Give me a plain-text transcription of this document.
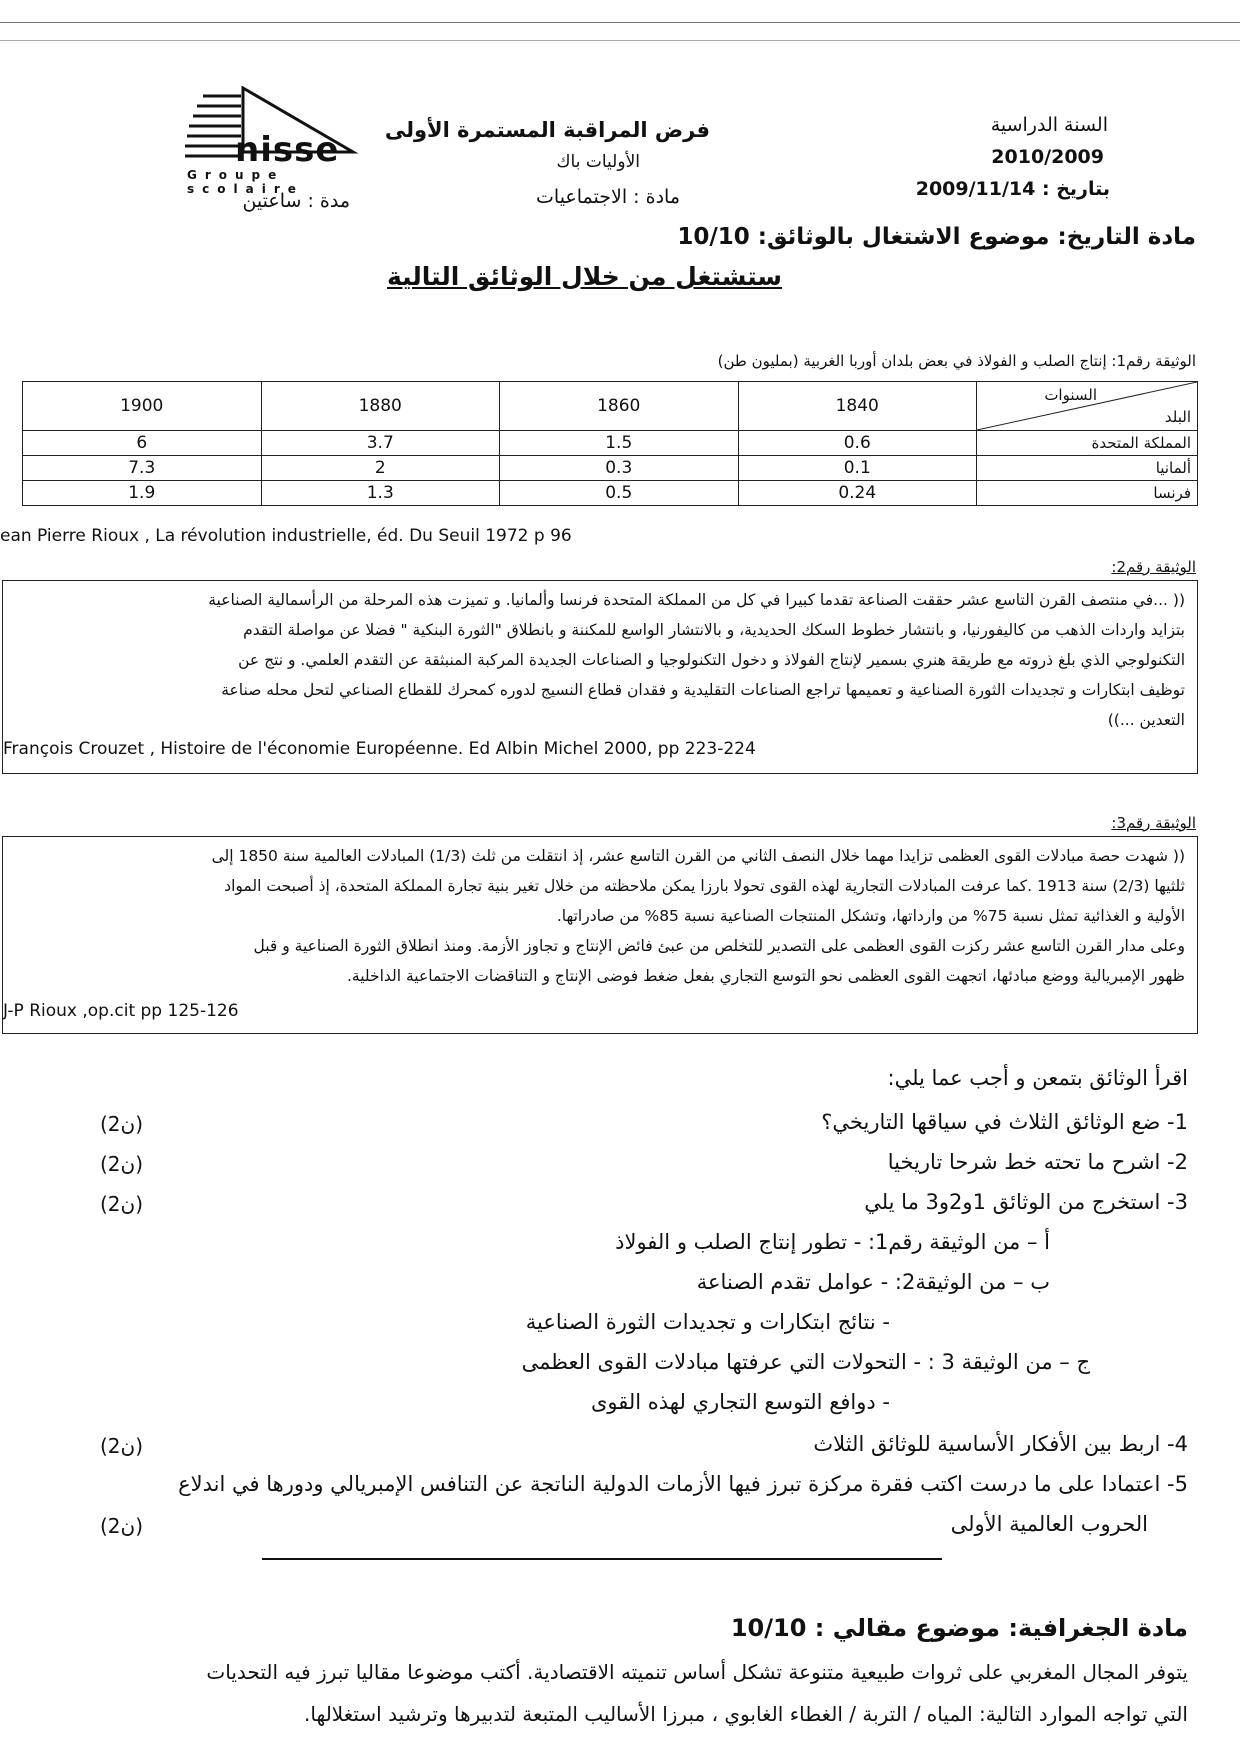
nisse
Groupe scolaire
السنة الدراسية
2010/2009
بتاريخ : 2009/11/14
فرض المراقبة المستمرة الأولى
الأوليات باك
مادة : الاجتماعيات
مدة : ساعتين
مادة التاريخ: موضوع الاشتغال بالوثائق: 10/10
ستشتغل من خلال الوثائق التالية
الوثيقة رقم1: إنتاج الصلب و الفولاذ في بعض بلدان أوربا الغربية (بمليون طن)
1900	1880	1860	1840	السنوات
البلد

6	3.7	1.5	0.6	المملكة المتحدة
7.3	2	0.3	0.1	ألمانيا
1.9	1.3	0.5	0.24	فرنسا
ean Pierre Rioux , La révolution industrielle, éd. Du Seuil 1972 p 96
الوثيقة رقم2:
(( ...في منتصف القرن التاسع عشر حققت الصناعة تقدما كبيرا في كل من المملكة المتحدة فرنسا وألمانيا. و تميزت هذه المرحلة من الرأسمالية الصناعية
بتزايد واردات الذهب من كاليفورنيا، و بانتشار خطوط السكك الحديدية، و بالانتشار الواسع للمكننة و بانطلاق "الثورة البنكية " فضلا عن مواصلة التقدم
التكنولوجي الذي بلغ ذروته مع طريقة هنري بسمير لإنتاج الفولاذ و دخول التكنولوجيا و الصناعات الجديدة المركبة المنبثقة عن التقدم العلمي. و نتج عن
توظيف ابتكارات و تجديدات الثورة الصناعية و تعميمها تراجع الصناعات التقليدية و فقدان قطاع النسيج لدوره كمحرك للقطاع الصناعي لتحل محله صناعة
التعدين ...))
François Crouzet , Histoire de l'économie Européenne. Ed Albin Michel 2000, pp 223-224
الوثيقة رقم3:
(( شهدت حصة مبادلات القوى العظمى تزايدا مهما خلال النصف الثاني من القرن التاسع عشر، إذ انتقلت من ثلث (1/3) المبادلات العالمية سنة 1850 إلى
ثلثيها (2/3) سنة 1913 .كما عرفت المبادلات التجارية لهذه القوى تحولا بارزا يمكن ملاحظته من خلال تغير بنية تجارة المملكة المتحدة، إذ أصبحت المواد
الأولية و الغذائية تمثل نسبة 75% من وارداتها، وتشكل المنتجات الصناعية نسبة 85% من صادراتها.
وعلى مدار القرن التاسع عشر ركزت القوى العظمى على التصدير للتخلص من عبئ فائض الإنتاج و تجاوز الأزمة. ومنذ انطلاق الثورة الصناعية و قبل
ظهور الإمبريالية ووضع مبادئها، اتجهت القوى العظمى نحو التوسع التجاري بفعل ضغط فوضى الإنتاج و التناقضات الاجتماعية الداخلية.
J-P Rioux ,op.cit pp 125-126
اقرأ الوثائق بتمعن و أجب عما يلي:
1- ضع الوثائق الثلاث في سياقها التاريخي؟
(2ن)
2- اشرح ما تحته خط شرحا تاريخيا
(2ن)
3- استخرج من الوثائق 1و2و3 ما يلي
(2ن)
أ – من الوثيقة رقم1: - تطور إنتاج الصلب و الفولاذ
ب – من الوثيقة2: - عوامل تقدم الصناعة
- نتائج ابتكارات و تجديدات الثورة الصناعية
ج – من الوثيقة 3 : - التحولات التي عرفتها مبادلات القوى العظمى
- دوافع التوسع التجاري لهذه القوى
4- اربط بين الأفكار الأساسية للوثائق الثلاث
(2ن)
5- اعتمادا على ما درست اكتب فقرة مركزة تبرز فيها الأزمات الدولية الناتجة عن التنافس الإمبريالي ودورها في اندلاع
الحروب العالمية الأولى
(2ن)
مادة الجغرافية: موضوع مقالي : 10/10
يتوفر المجال المغربي على ثروات طبيعية متنوعة تشكل أساس تنميته الاقتصادية. أكتب موضوعا مقاليا تبرز فيه التحديات
التي تواجه الموارد التالية: المياه / التربة / الغطاء الغابوي ، مبرزا الأساليب المتبعة لتدبيرها وترشيد استغلالها.
